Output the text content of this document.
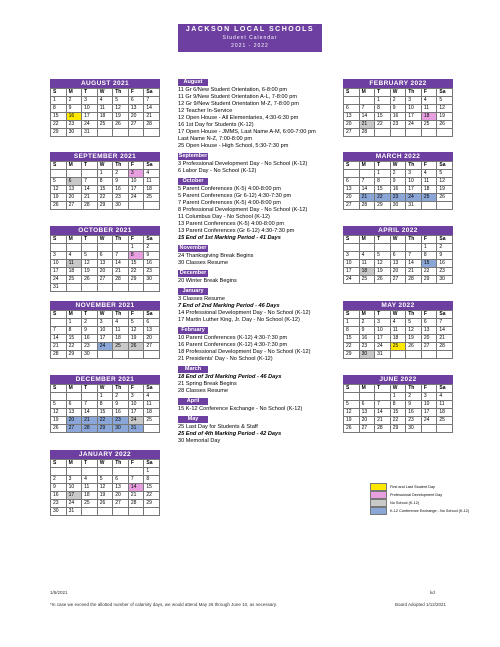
JACKSON LOCAL SCHOOLS
Student Calendar
2021 - 2022
AUGUST 2021
S	M	T	W	Th	F	Sa
1	2	3	4	5	6	7
8	9	10	11	12	13	14
15	16	17	18	19	20	21
22	23	24	25	26	27	28
29	30	31				
SEPTEMBER 2021
S	M	T	W	Th	F	Sa
			1	2	3	4
5	6	7	8	9	10	11
12	13	14	15	16	17	18
19	20	21	22	23	24	25
26	27	28	29	30		
OCTOBER 2021
S	M	T	W	Th	F	Sa
					1	2
3	4	5	6	7	8	9
10	11	12	13	14	15	16
17	18	19	20	21	22	23
24	25	26	27	28	29	30
31						
NOVEMBER 2021
S	M	T	W	Th	F	Sa
	1	2	3	4	5	6
7	8	9	10	11	12	13
14	15	16	17	18	19	20
21	22	23	24	25	26	27
28	29	30				
DECEMBER 2021
S	M	T	W	Th	F	Sa
			1	2	3	4
5	6	7	8	9	10	11
12	13	14	15	16	17	18
19	20	21	22	23	24	25
26	27	28	29	30	31	
JANUARY 2022
S	M	T	W	Th	F	Sa
						1
2	3	4	5	6	7	8
9	10	11	12	13	14	15
16	17	18	19	20	21	22
23	24	25	26	27	28	29
30	31					
FEBRUARY 2022
S	M	T	W	Th	F	Sa
		1	2	3	4	5
6	7	8	9	10	11	12
13	14	15	16	17	18	19
20	21	22	23	24	25	26
27	28					
MARCH 2022
S	M	T	W	Th	F	Sa
		1	2	3	4	5
6	7	8	9	10	11	12
13	14	15	16	17	18	19
20	21	22	23	24	25	26
27	28	29	30	31		
APRIL 2022
S	M	T	W	Th	F	Sa
					1	2
3	4	5	6	7	8	9
10	11	12	13	14	15	16
17	18	19	20	21	22	23
24	25	26	27	28	29	30
MAY 2022
S	M	T	W	Th	F	Sa
1	2	3	4	5	6	7
8	9	10	11	12	13	14
15	16	17	18	19	20	21
22	23	24	25	26	27	28
29	30	31				
JUNE 2022
S	M	T	W	Th	F	Sa
			1	2	3	4
5	6	7	8	9	10	11
12	13	14	15	16	17	18
19	20	21	22	23	24	25
26	27	28	29	30		
August
11 Gr 6/New Student Orientation, 6-8:00 pm
11 Gr 9/New Student Orientation A-L, 7-8:00 pm
12 Gr 9/New Student Orientation M-Z, 7-8:00 pm
12 Teacher In-Service
12 Open House - All Elementaries, 4:30-6:30 pm
16 1st Day for Students (K-12)
17 Open House - JMMS, Last Name A-M, 6:00-7:00 pm
Last Name N-Z, 7:00-8:00 pm
25 Open House - High School, 5:30-7:30 pm
September
3 Professional Development Day - No School (K-12)
6 Labor Day - No School (K-12)
October
5 Parent Conferences (K-5) 4:00-8:00 pm
5 Parent Conferences (Gr 6-12) 4:30-7:30 pm
7 Parent Conferences (K-5) 4:00-8:00 pm
8 Professional Development Day - No School (K-12)
11 Columbus Day - No School (K-12)
13 Parent Conferences (K-5) 4:00-8:00 pm
13 Parent Conferences (Gr 6-12) 4:30-7:30 pm
15 End of 1st Marking Period - 41 Days
November
24 Thanksgiving Break Begins
30 Classes Resume
December
20 Winter Break Begins
January
3 Classes Resume
7 End of 2nd Marking Period - 46 Days
14 Professional Development Day - No School (K-12)
17 Martin Luther King, Jr. Day - No School (K-12)
February
10 Parent Conferences (K-12) 4:30-7:30 pm
16 Parent Conferences (K-12) 4:30-7:30 pm
18 Professional Development Day - No School (K-12)
21 Presidents' Day - No School (K-12)
March
18 End of 3rd Marking Period - 46 Days
21 Spring Break Begins
28 Classes Resume
April
15 K-12 Conference Exchange - No School (K-12)
May
25 Last Day for Students & Staff
25 End of 4th Marking Period - 42 Days
30 Memorial Day
First and Last Student Day
Professional Development Day
No School (K-12)
K-12 Conference Exchange - No School (K-12)
1/5/2021	kd
*In case we exceed the allotted number of calamity days, we would attend May 26 through June 10, as necessary.	Board Adopted 1/12/2021
